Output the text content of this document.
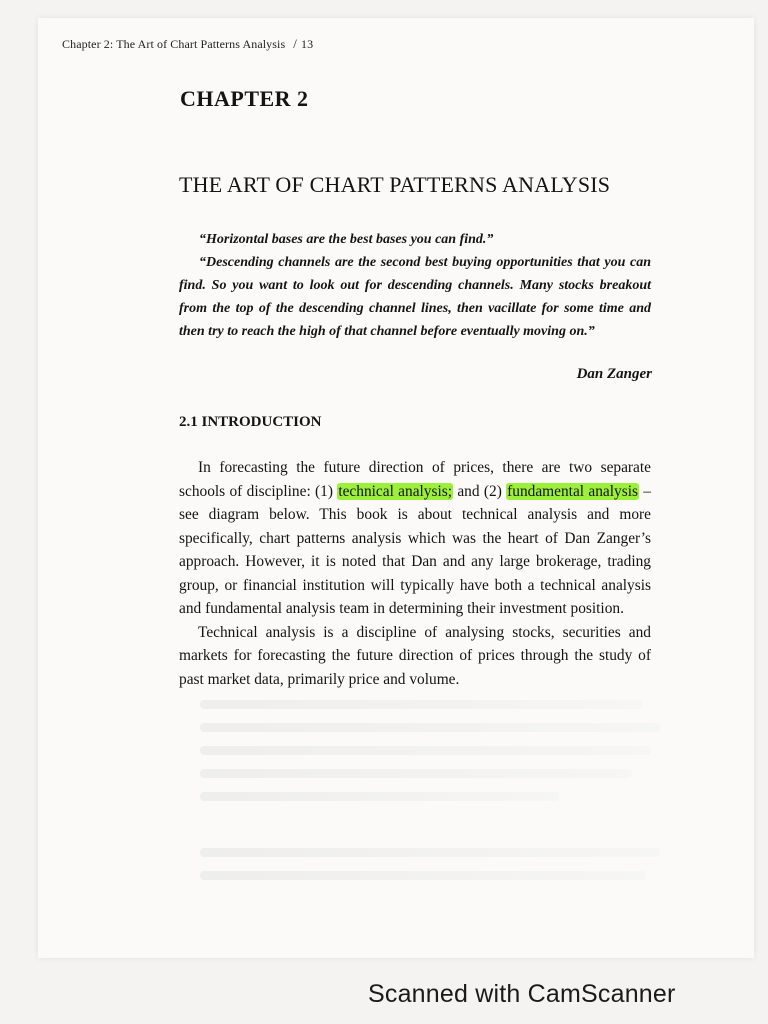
Chapter 2: The Art of Chart Patterns Analysis / 13
CHAPTER 2
THE ART OF CHART PATTERNS ANALYSIS

“Horizontal bases are the best bases you can find.”

“Descending channels are the second best buying opportunities that you can find. So you want to look out for descending channels. Many stocks breakout from the top of the descending channel lines, then vacillate for some time and then try to reach the high of that channel before eventually moving on.”

Dan Zanger
2.1 INTRODUCTION

In forecasting the future direction of prices, there are two separate schools of discipline: (1) technical analysis; and (2) fundamental analysis – see diagram below. This book is about technical analysis and more specifically, chart patterns analysis which was the heart of Dan Zanger’s approach. However, it is noted that Dan and any large brokerage, trading group, or financial institution will typically have both a technical analysis and fundamental analysis team in determining their investment position.

Technical analysis is a discipline of analysing stocks, securities and markets for forecasting the future direction of prices through the study of past market data, primarily price and volume.

Scanned with CamScanner
